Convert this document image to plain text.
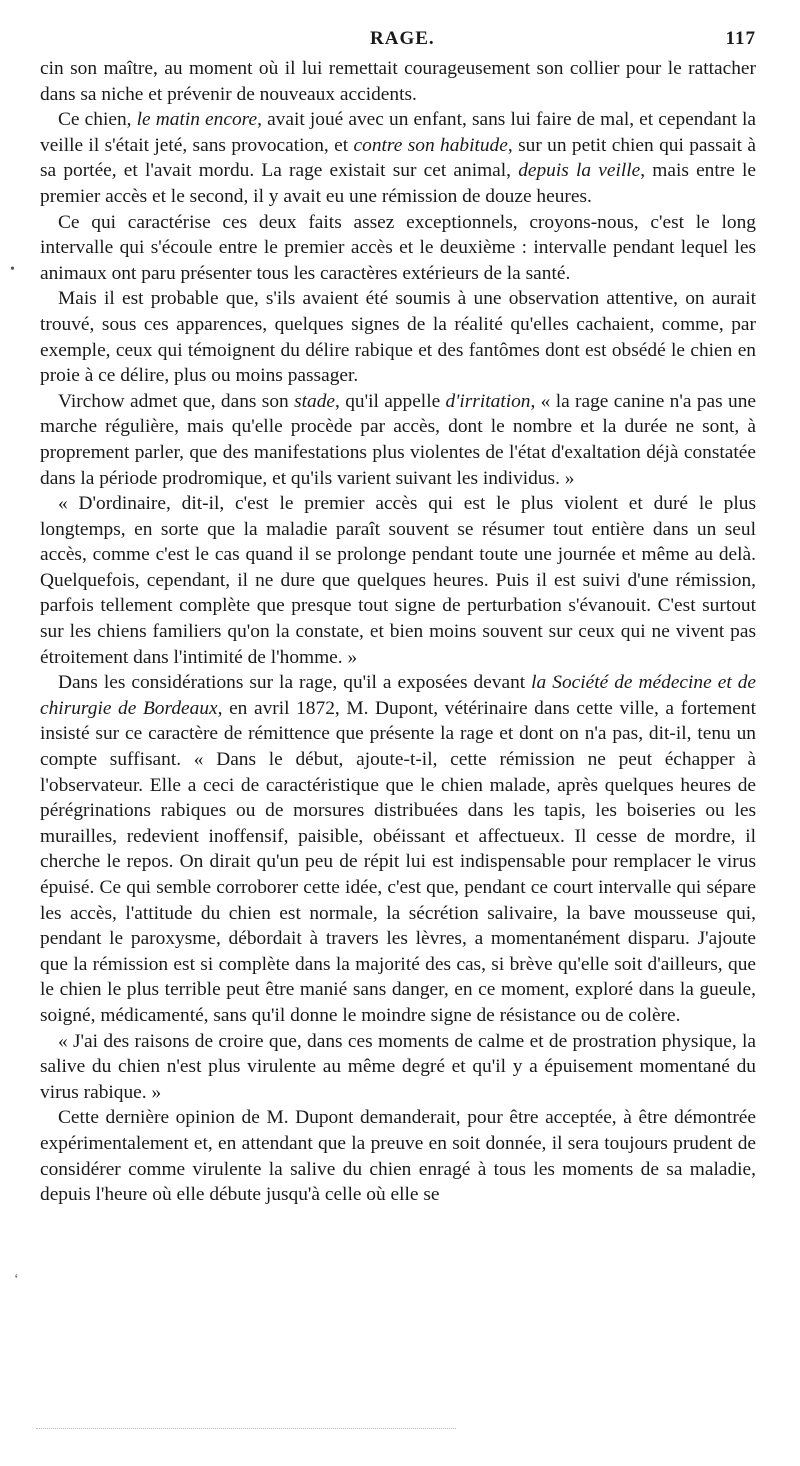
RAGE.	117

cin son maître, au moment où il lui remettait courageusement son collier pour le rattacher dans sa niche et prévenir de nouveaux accidents.

Ce chien, le matin encore, avait joué avec un enfant, sans lui faire de mal, et cependant la veille il s'était jeté, sans provocation, et contre son habitude, sur un petit chien qui passait à sa portée, et l'avait mordu. La rage existait sur cet animal, depuis la veille, mais entre le premier accès et le second, il y avait eu une rémission de douze heures.

Ce qui caractérise ces deux faits assez exceptionnels, croyons-nous, c'est le long intervalle qui s'écoule entre le premier accès et le deuxième : intervalle pendant lequel les animaux ont paru présenter tous les caractères extérieurs de la santé.

Mais il est probable que, s'ils avaient été soumis à une observation attentive, on aurait trouvé, sous ces apparences, quelques signes de la réalité qu'elles cachaient, comme, par exemple, ceux qui témoignent du délire rabique et des fantômes dont est obsédé le chien en proie à ce délire, plus ou moins passager.

Virchow admet que, dans son stade, qu'il appelle d'irritation, « la rage canine n'a pas une marche régulière, mais qu'elle procède par accès, dont le nombre et la durée ne sont, à proprement parler, que des manifestations plus violentes de l'état d'exaltation déjà constatée dans la période prodromique, et qu'ils varient suivant les individus. »

« D'ordinaire, dit-il, c'est le premier accès qui est le plus violent et duré le plus longtemps, en sorte que la maladie paraît souvent se résumer tout entière dans un seul accès, comme c'est le cas quand il se prolonge pendant toute une journée et même au delà. Quelquefois, cependant, il ne dure que quelques heures. Puis il est suivi d'une rémission, parfois tellement complète que presque tout signe de perturbation s'évanouit. C'est surtout sur les chiens familiers qu'on la constate, et bien moins souvent sur ceux qui ne vivent pas étroitement dans l'intimité de l'homme. »

Dans les considérations sur la rage, qu'il a exposées devant la Société de médecine et de chirurgie de Bordeaux, en avril 1872, M. Dupont, vétérinaire dans cette ville, a fortement insisté sur ce caractère de rémittence que présente la rage et dont on n'a pas, dit-il, tenu un compte suffisant. « Dans le début, ajoute-t-il, cette rémission ne peut échapper à l'observateur. Elle a ceci de caractéristique que le chien malade, après quelques heures de pérégrinations rabiques ou de morsures distribuées dans les tapis, les boiseries ou les murailles, redevient inoffensif, paisible, obéissant et affectueux. Il cesse de mordre, il cherche le repos. On dirait qu'un peu de répit lui est indispensable pour remplacer le virus épuisé. Ce qui semble corroborer cette idée, c'est que, pendant ce court intervalle qui sépare les accès, l'attitude du chien est normale, la sécrétion salivaire, la bave mousseuse qui, pendant le paroxysme, débordait à travers les lèvres, a momentanément disparu. J'ajoute que la rémission est si complète dans la majorité des cas, si brève qu'elle soit d'ailleurs, que le chien le plus terrible peut être manié sans danger, en ce moment, exploré dans la gueule, soigné, médicamenté, sans qu'il donne le moindre signe de résistance ou de colère.

« J'ai des raisons de croire que, dans ces moments de calme et de prostration physique, la salive du chien n'est plus virulente au même degré et qu'il y a épuisement momentané du virus rabique. »

Cette dernière opinion de M. Dupont demanderait, pour être acceptée, à être démontrée expérimentalement et, en attendant que la preuve en soit donnée, il sera toujours prudent de considérer comme virulente la salive du chien enragé à tous les moments de sa maladie, depuis l'heure où elle débute jusqu'à celle où elle se

•
‘
